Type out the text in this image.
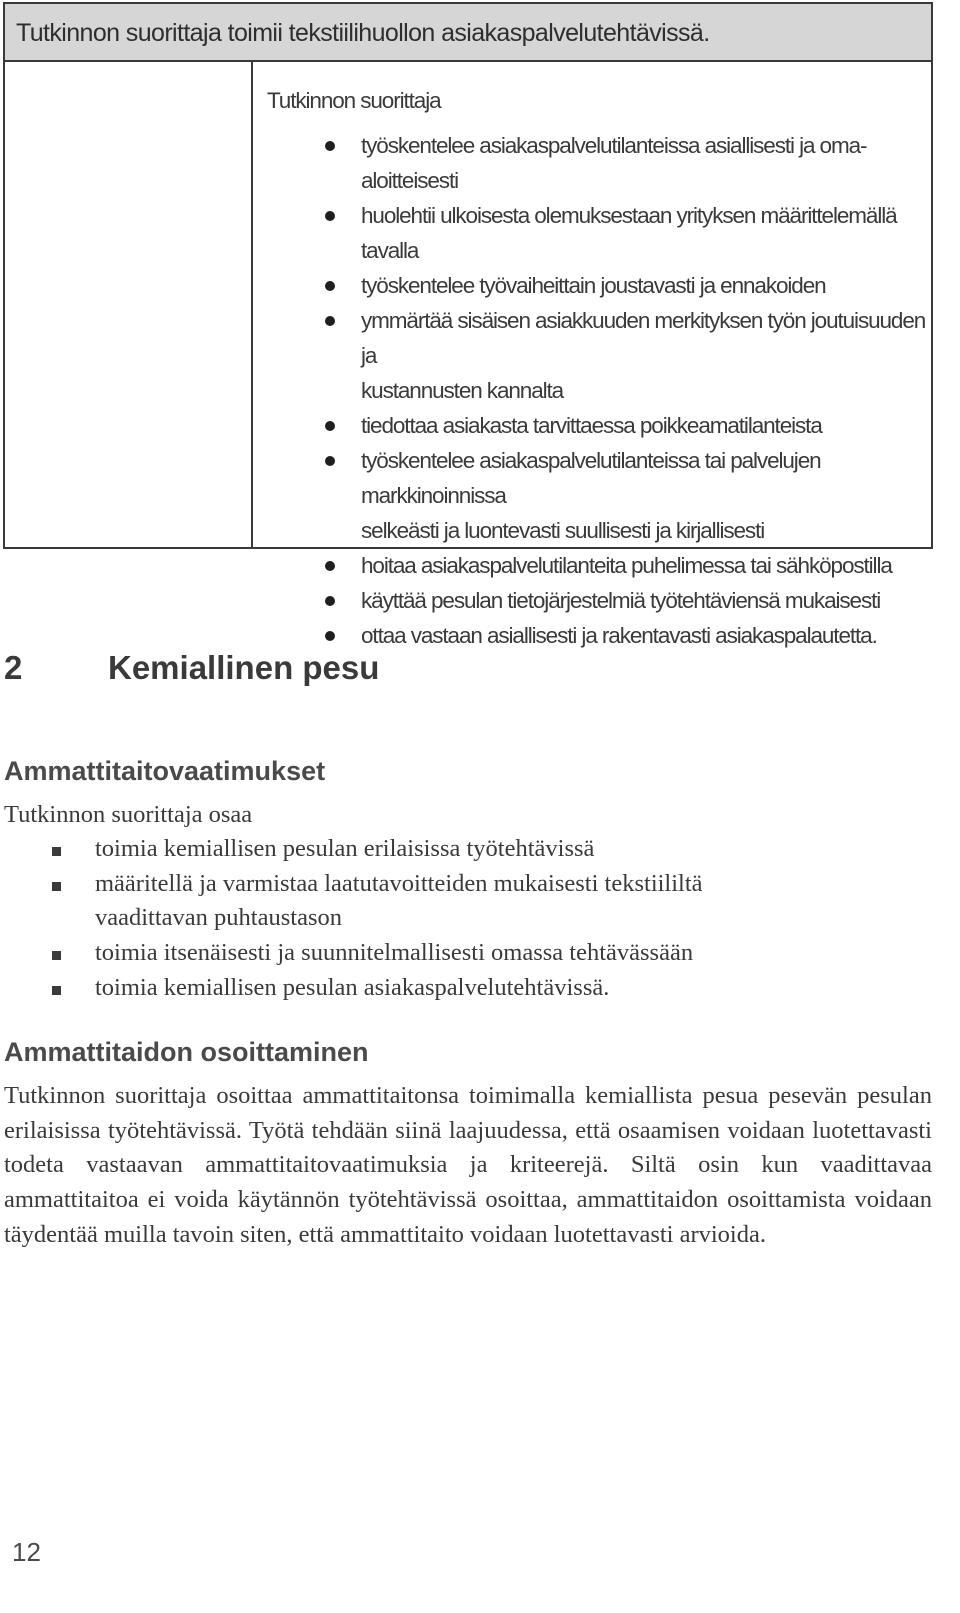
Tutkinnon suorittaja toimii tekstiilihuollon asiakaspalvelutehtävissä.
Tutkinnon suorittaja
työskentelee asiakaspalvelutilanteissa asiallisesti ja oma-aloitteisesti
huolehtii ulkoisesta olemuksestaan yrityksen määrittelemällä tavalla
työskentelee työvaiheittain joustavasti ja ennakoiden
ymmärtää sisäisen asiakkuuden merkityksen työn joutuisuuden ja
kustannusten kannalta
tiedottaa asiakasta tarvittaessa poikkeamatilanteista
työskentelee asiakaspalvelutilanteissa tai palvelujen markkinoinnissa
selkeästi ja luontevasti suullisesti ja kirjallisesti
hoitaa asiakaspalvelutilanteita puhelimessa tai sähköpostilla
käyttää pesulan tietojärjestelmiä työtehtäviensä mukaisesti
ottaa vastaan asiallisesti ja rakentavasti asiakaspalautetta.
2	Kemiallinen pesu
Ammattitaitovaatimukset
Tutkinnon suorittaja osaa
toimia kemiallisen pesulan erilaisissa työtehtävissä
määritellä ja varmistaa laatutavoitteiden mukaisesti tekstiililtä
vaadittavan puhtaustason
toimia itsenäisesti ja suunnitelmallisesti omassa tehtävässään
toimia kemiallisen pesulan asiakaspalvelutehtävissä.
Ammattitaidon osoittaminen

Tutkinnon suorittaja osoittaa ammattitaitonsa toimimalla kemiallista pesua pesevän pesulan erilaisissa työtehtävissä. Työtä tehdään siinä laajuudessa, että osaamisen voidaan luotettavasti todeta vastaavan ammattitaitovaatimuksia ja kriteerejä. Siltä osin kun vaadittavaa ammattitaitoa ei voida käytännön työtehtävissä osoittaa, ammattitaidon osoittamista voidaan täydentää muilla tavoin siten, että ammattitaito voidaan luotettavasti arvioida.

12
